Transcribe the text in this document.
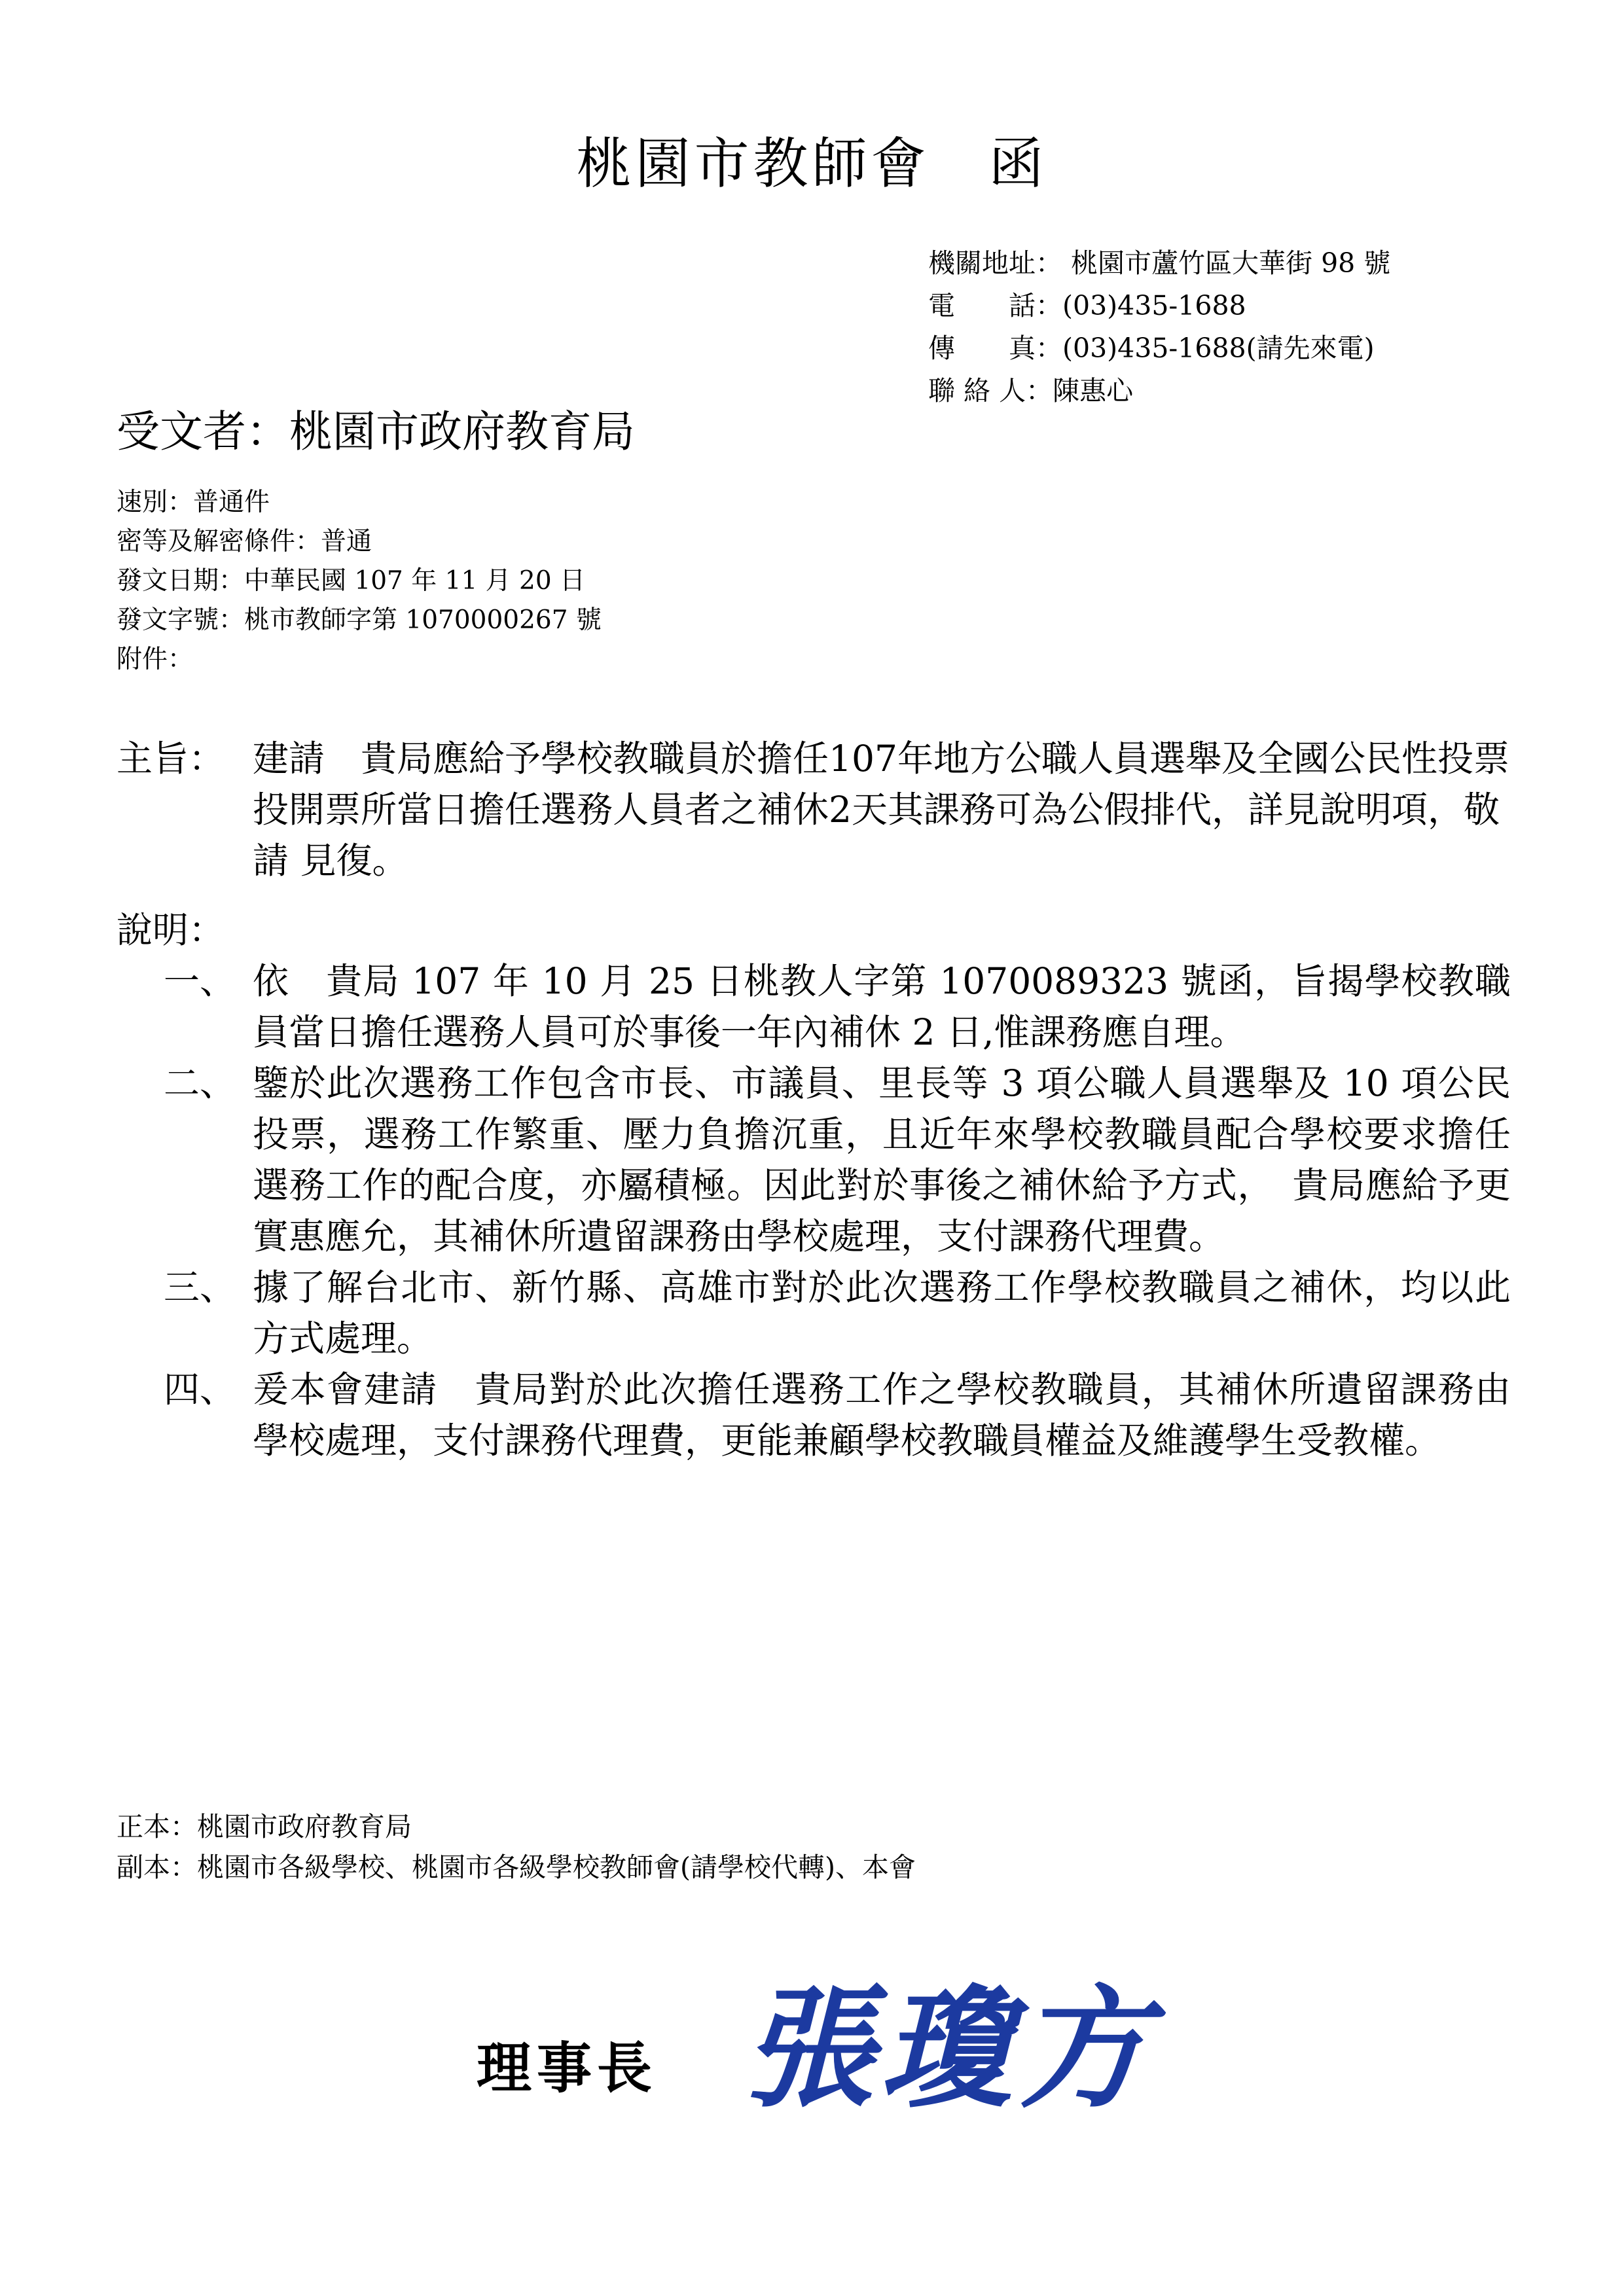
桃園市教師會　函
機關地址： 桃園市蘆竹區大華街 98 號
電　　話： (03)435-1688
傳　　真： (03)435-1688(請先來電)
聯 絡 人： 陳惠心
受文者：桃園市政府教育局
速別：普通件
密等及解密條件：普通
發文日期：中華民國 107 年 11 月 20 日
發文字號：桃市教師字第 1070000267 號
附件：
主旨： 建請　貴局應給予學校教職員於擔任107年地方公職人員選舉及全國公民性投票投開票所當日擔任選務人員者之補休2天其課務可為公假排代，詳見說明項，敬請 見復。
說明：
一、 依　貴局 107 年 10 月 25 日桃教人字第 1070089323 號函，旨揭學校教職員當日擔任選務人員可於事後一年內補休 2 日,惟課務應自理。
二、 鑒於此次選務工作包含市長、市議員、里長等 3 項公職人員選舉及 10 項公民投票，選務工作繁重、壓力負擔沉重，且近年來學校教職員配合學校要求擔任選務工作的配合度，亦屬積極。因此對於事後之補休給予方式，　貴局應給予更實惠應允，其補休所遺留課務由學校處理，支付課務代理費。
三、 據了解台北市、新竹縣、高雄市對於此次選務工作學校教職員之補休，均以此方式處理。
四、 爰本會建請　貴局對於此次擔任選務工作之學校教職員，其補休所遺留課務由學校處理，支付課務代理費，更能兼顧學校教職員權益及維護學生受教權。
正本：桃園市政府教育局
副本：桃園市各級學校、桃園市各級學校教師會(請學校代轉)、本會
理事長 張瓊方
